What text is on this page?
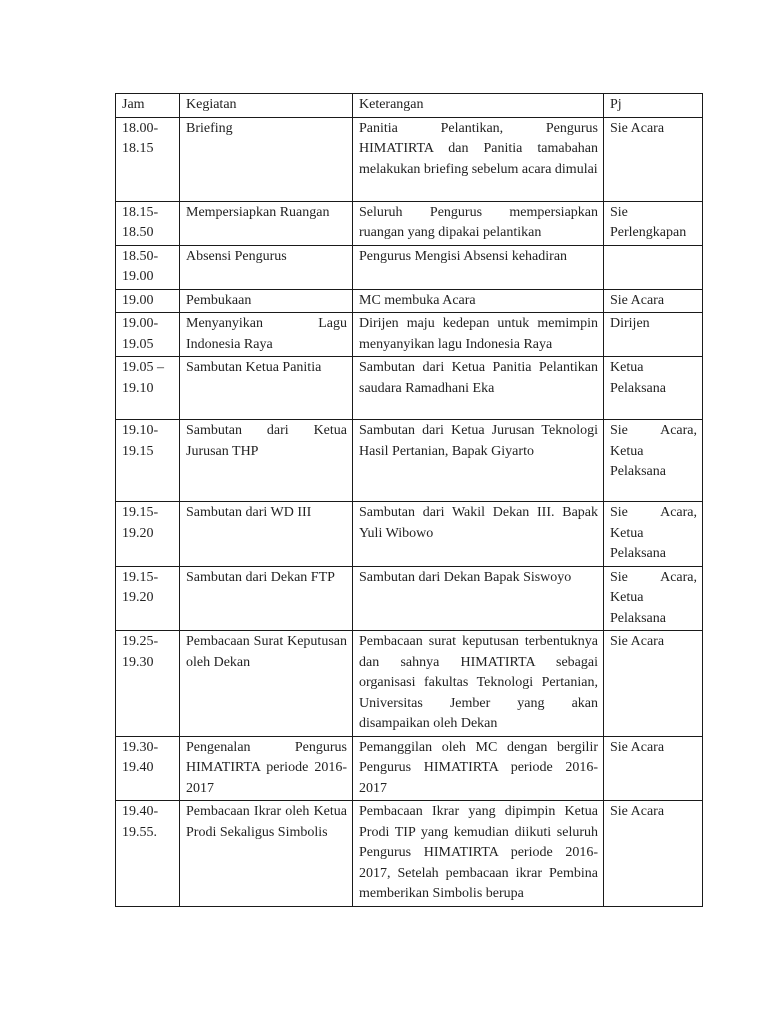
Jam	Kegiatan	Keterangan	Pj
18.00-18.15	Briefing	Panitia Pelantikan, Pengurus HIMATIRTA dan Panitia tamabahan melakukan briefing sebelum acara dimulai	Sie Acara
18.15-18.50	Mempersiapkan Ruangan	Seluruh Pengurus mempersiapkan ruangan yang dipakai pelantikan	Sie Perlengkapan
18.50-19.00	Absensi Pengurus	Pengurus Mengisi Absensi kehadiran	
19.00	Pembukaan	MC membuka Acara	Sie Acara
19.00-19.05	Menyanyikan Lagu Indonesia Raya	Dirijen maju kedepan untuk memimpin menyanyikan lagu Indonesia Raya	Dirijen
19.05 – 19.10	Sambutan Ketua Panitia	Sambutan dari Ketua Panitia Pelantikan saudara Ramadhani Eka	Ketua Pelaksana
19.10-19.15	Sambutan dari Ketua Jurusan THP	Sambutan dari Ketua Jurusan Teknologi Hasil Pertanian, Bapak Giyarto	Sie Acara, Ketua Pelaksana
19.15-19.20	Sambutan dari WD III	Sambutan dari Wakil Dekan III. Bapak Yuli Wibowo	Sie Acara, Ketua Pelaksana
19.15-19.20	Sambutan dari Dekan FTP	Sambutan dari Dekan Bapak Siswoyo	Sie Acara, Ketua Pelaksana
19.25-19.30	Pembacaan Surat Keputusan oleh Dekan	Pembacaan surat keputusan terbentuknya dan sahnya HIMATIRTA sebagai organisasi fakultas Teknologi Pertanian, Universitas Jember yang akan disampaikan oleh Dekan	Sie Acara
19.30-19.40	Pengenalan Pengurus HIMATIRTA periode 2016-2017	Pemanggilan oleh MC dengan bergilir Pengurus HIMATIRTA periode 2016-2017	Sie Acara
19.40-19.55.	Pembacaan Ikrar oleh Ketua Prodi Sekaligus Simbolis	Pembacaan Ikrar yang dipimpin Ketua Prodi TIP yang kemudian diikuti seluruh Pengurus HIMATIRTA periode 2016-2017, Setelah pembacaan ikrar Pembina memberikan Simbolis berupa	Sie Acara
